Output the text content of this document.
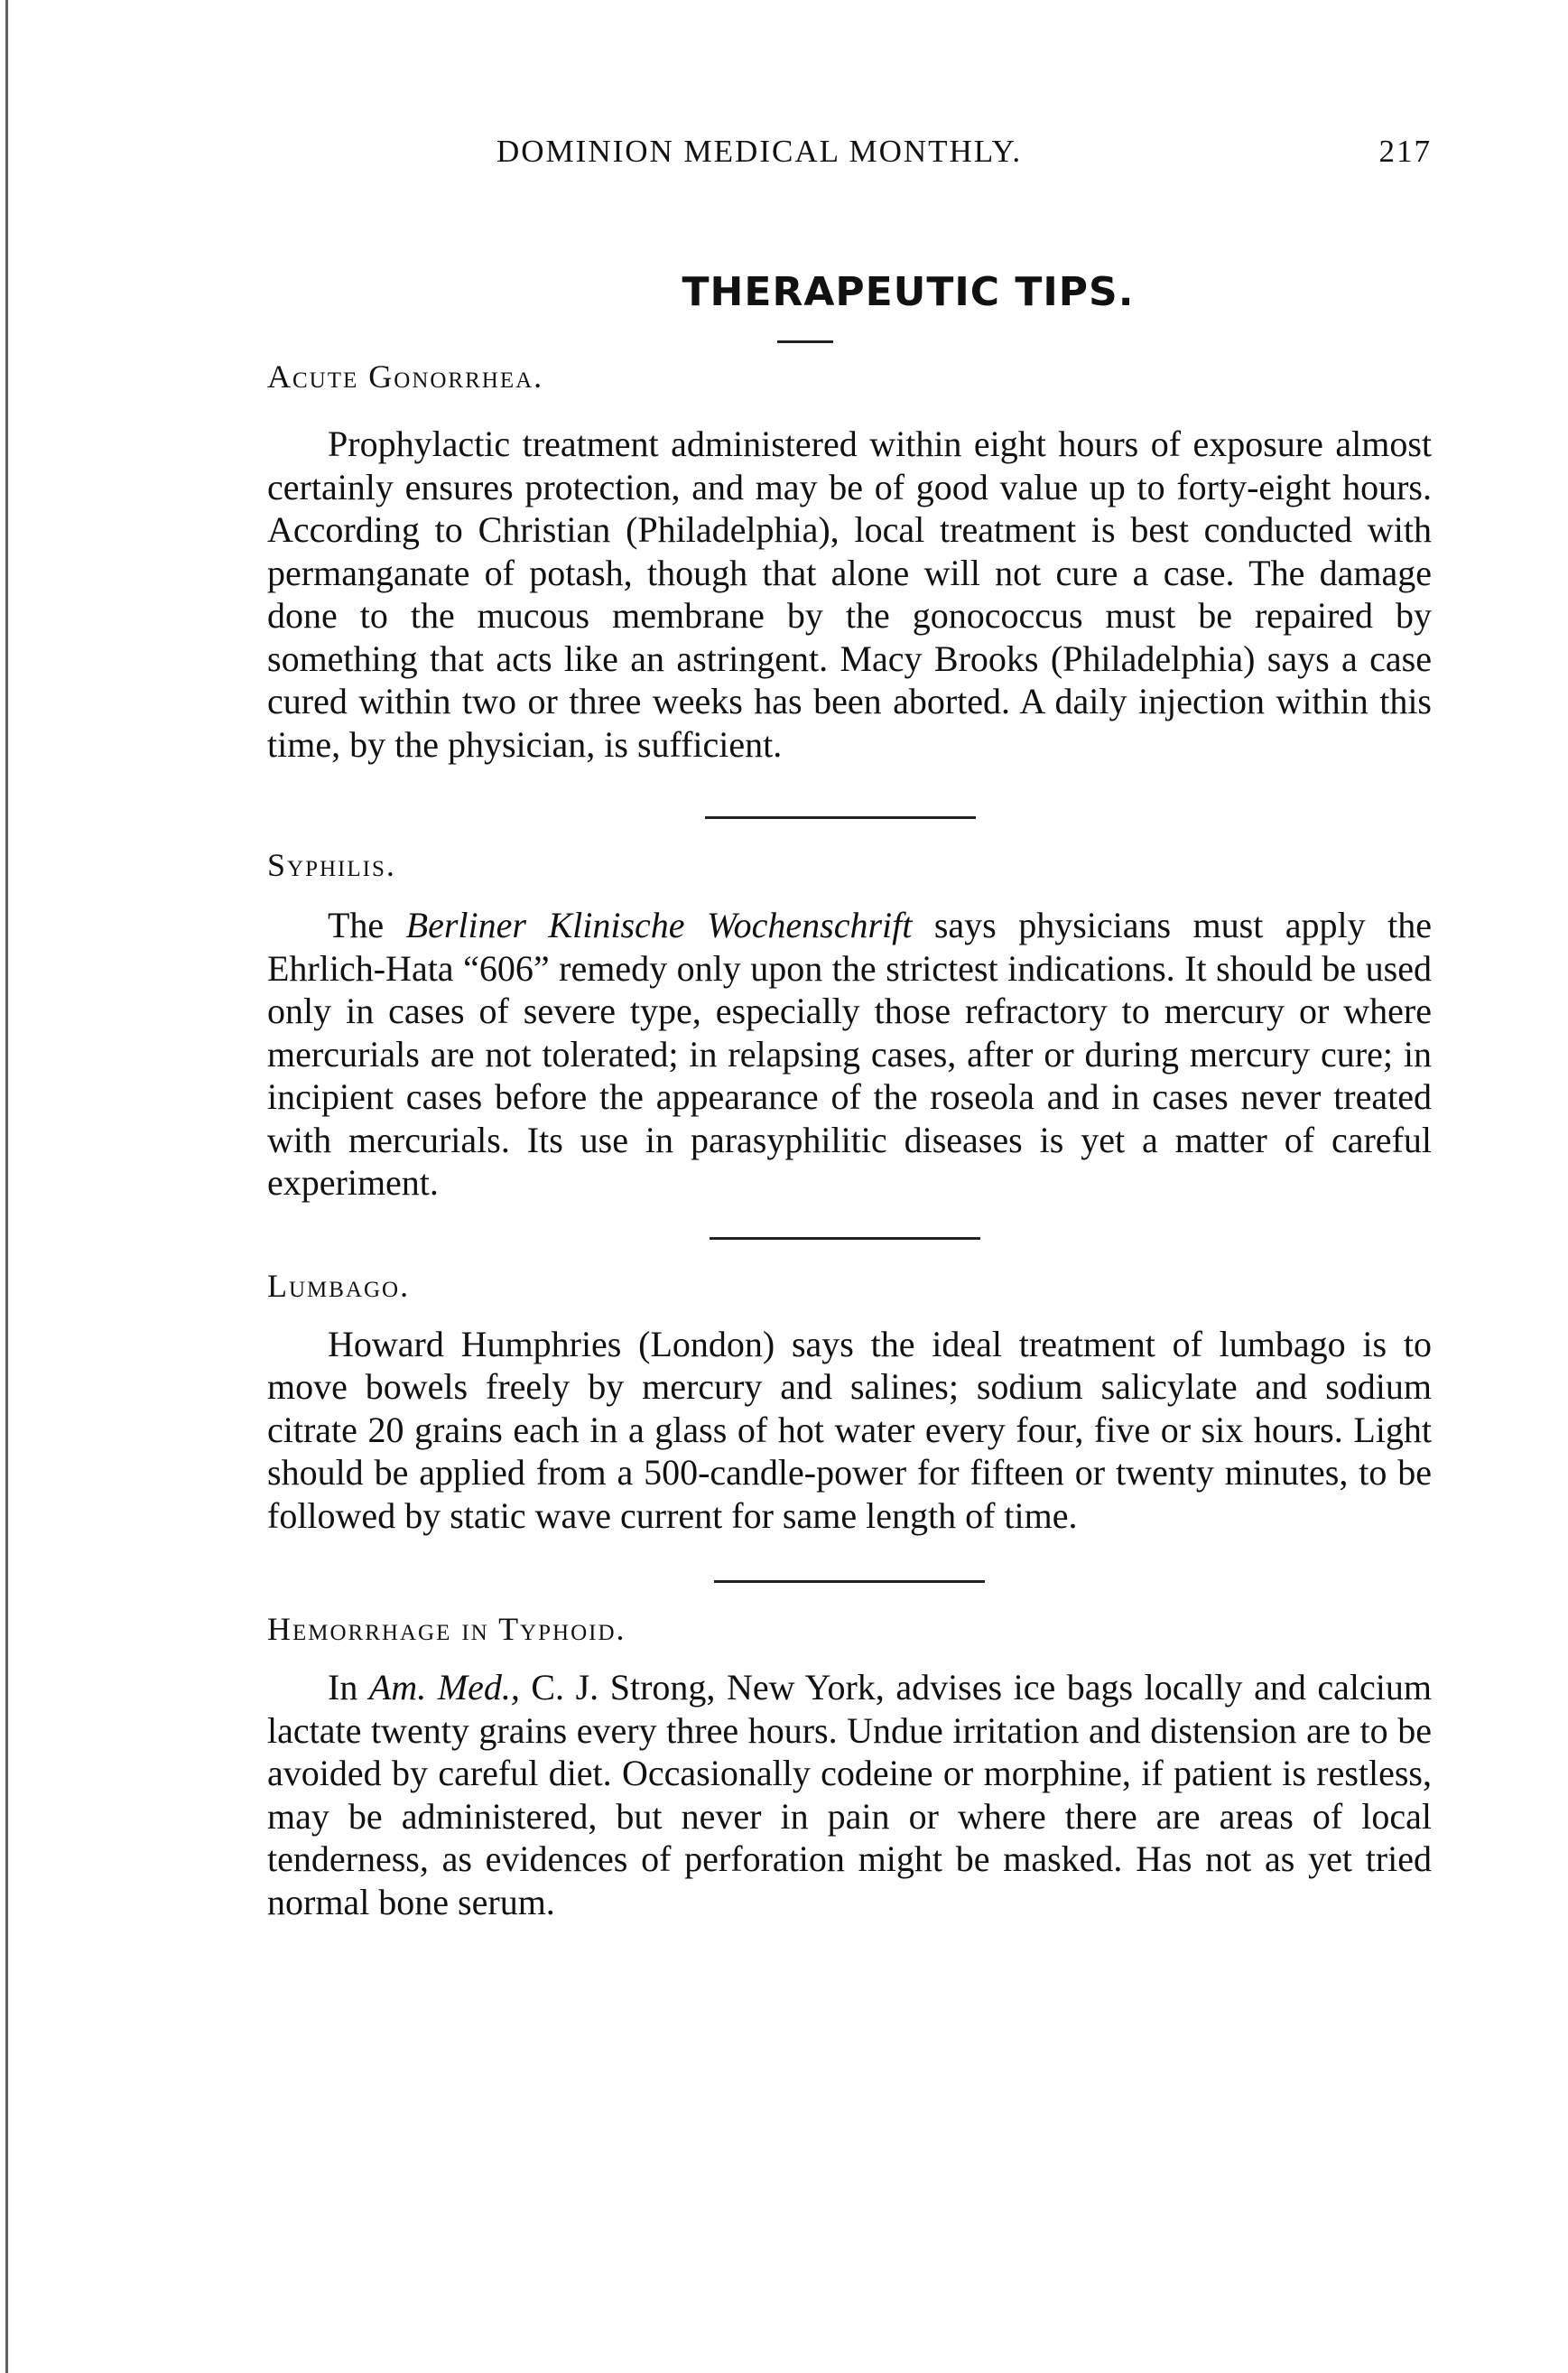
DOMINION MEDICAL MONTHLY.	217
THERAPEUTIC TIPS.
Acute Gonorrhea.

Prophylactic treatment administered within eight hours of exposure almost certainly ensures protection, and may be of good value up to forty-eight hours. According to Christian (Philadelphia), local treatment is best conducted with permanganate of potash, though that alone will not cure a case. The damage done to the mucous membrane by the gonococcus must be repaired by something that acts like an astringent. Macy Brooks (Philadelphia) says a case cured within two or three weeks has been aborted. A daily injection within this time, by the physician, is sufficient.

Syphilis.

The Berliner Klinische Wochenschrift says physicians must apply the Ehrlich-Hata “606” remedy only upon the strictest indications. It should be used only in cases of severe type, especially those refractory to mercury or where mercurials are not tolerated; in relapsing cases, after or during mercury cure; in incipient cases before the appearance of the roseola and in cases never treated with mercurials. Its use in parasyphilitic diseases is yet a matter of careful experiment.

Lumbago.

Howard Humphries (London) says the ideal treatment of lumbago is to move bowels freely by mercury and salines; sodium salicylate and sodium citrate 20 grains each in a glass of hot water every four, five or six hours. Light should be applied from a 500-candle-power for fifteen or twenty minutes, to be followed by static wave current for same length of time.

Hemorrhage in Typhoid.

In Am. Med., C. J. Strong, New York, advises ice bags locally and calcium lactate twenty grains every three hours. Undue irritation and distension are to be avoided by careful diet. Occasionally codeine or morphine, if patient is restless, may be administered, but never in pain or where there are areas of local tenderness, as evidences of perforation might be masked. Has not as yet tried normal bone serum.
